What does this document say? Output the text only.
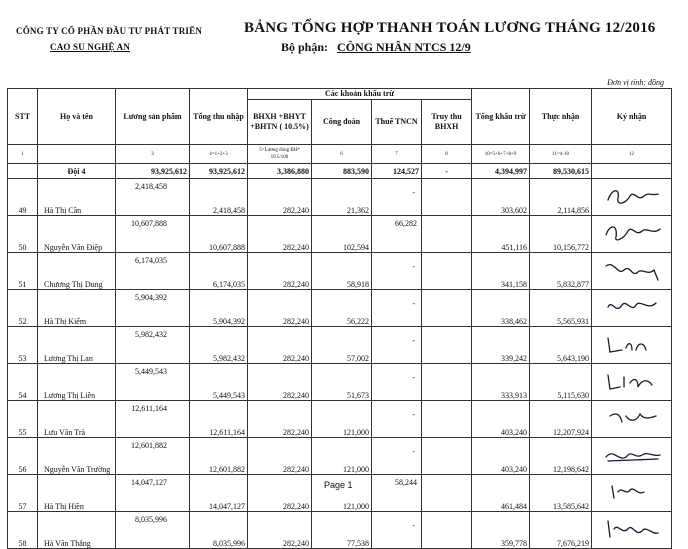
CÔNG TY CỔ PHẦN ĐẦU TƯ PHÁT TRIỂN
CAO SU NGHỆ AN
BẢNG TỔNG HỢP THANH TOÁN LƯƠNG THÁNG 12/2016
Bộ phận: CÔNG NHÂN NTCS 12/9
Đơn vị tính: đồng
STT	Họ và tên	Lương sản phẩm	Tổng thu nhập	Các khoản khấu trừ				Tổng khấu trừ	Thực nhận	Ký nhận
				BHXH +BHYT +BHTN ( 10.5%)	Công đoàn	Thuế TNCN	Truy thu BHXH			
1		3	4=1+2+3	5=Lương đóng BH* 10.5/100	6	7	8	10=5+6+7+8+9	11=4-10	12
	Đội 4	93,925,612	93,925,612	3,386,880	883,590	124,527	-	4,394,997	89,530,615	
49	Hà Thị Cần	2,418,458	2,418,458	282,240	21,362	-		303,602	2,114,856	

50	Nguyễn Văn Điệp	10,607,888	10,607,888	282,240	102,594	66,282		451,116	10,156,772	

51	Chương Thị Dung	6,174,035	6,174,035	282,240	58,918	-		341,158	5,832,877	

52	Hà Thị Kiểm	5,904,392	5,904,392	282,240	56,222	-		338,462	5,565,931	

53	Lương Thị Lan	5,982,432	5,982,432	282,240	57,002	-		339,242	5,643,190	

54	Lương Thị Liên	5,449,543	5,449,543	282,240	51,673	-		333,913	5,115,630	

55	Lưu Văn Trà	12,611,164	12,611,164	282,240	121,000	-		403,240	12,207,924	

56	Nguyễn Văn Trường	12,601,882	12,601,882	282,240	121,000	-		403,240	12,198,642	

57	Hà Thị Hiền	14,047,127	14,047,127	282,240	121,000	58,244		461,484	13,585,642	

58	Hà Văn Thắng	8,035,996	8,035,996	282,240	77,538	-		359,778	7,676,219	
Page 1
